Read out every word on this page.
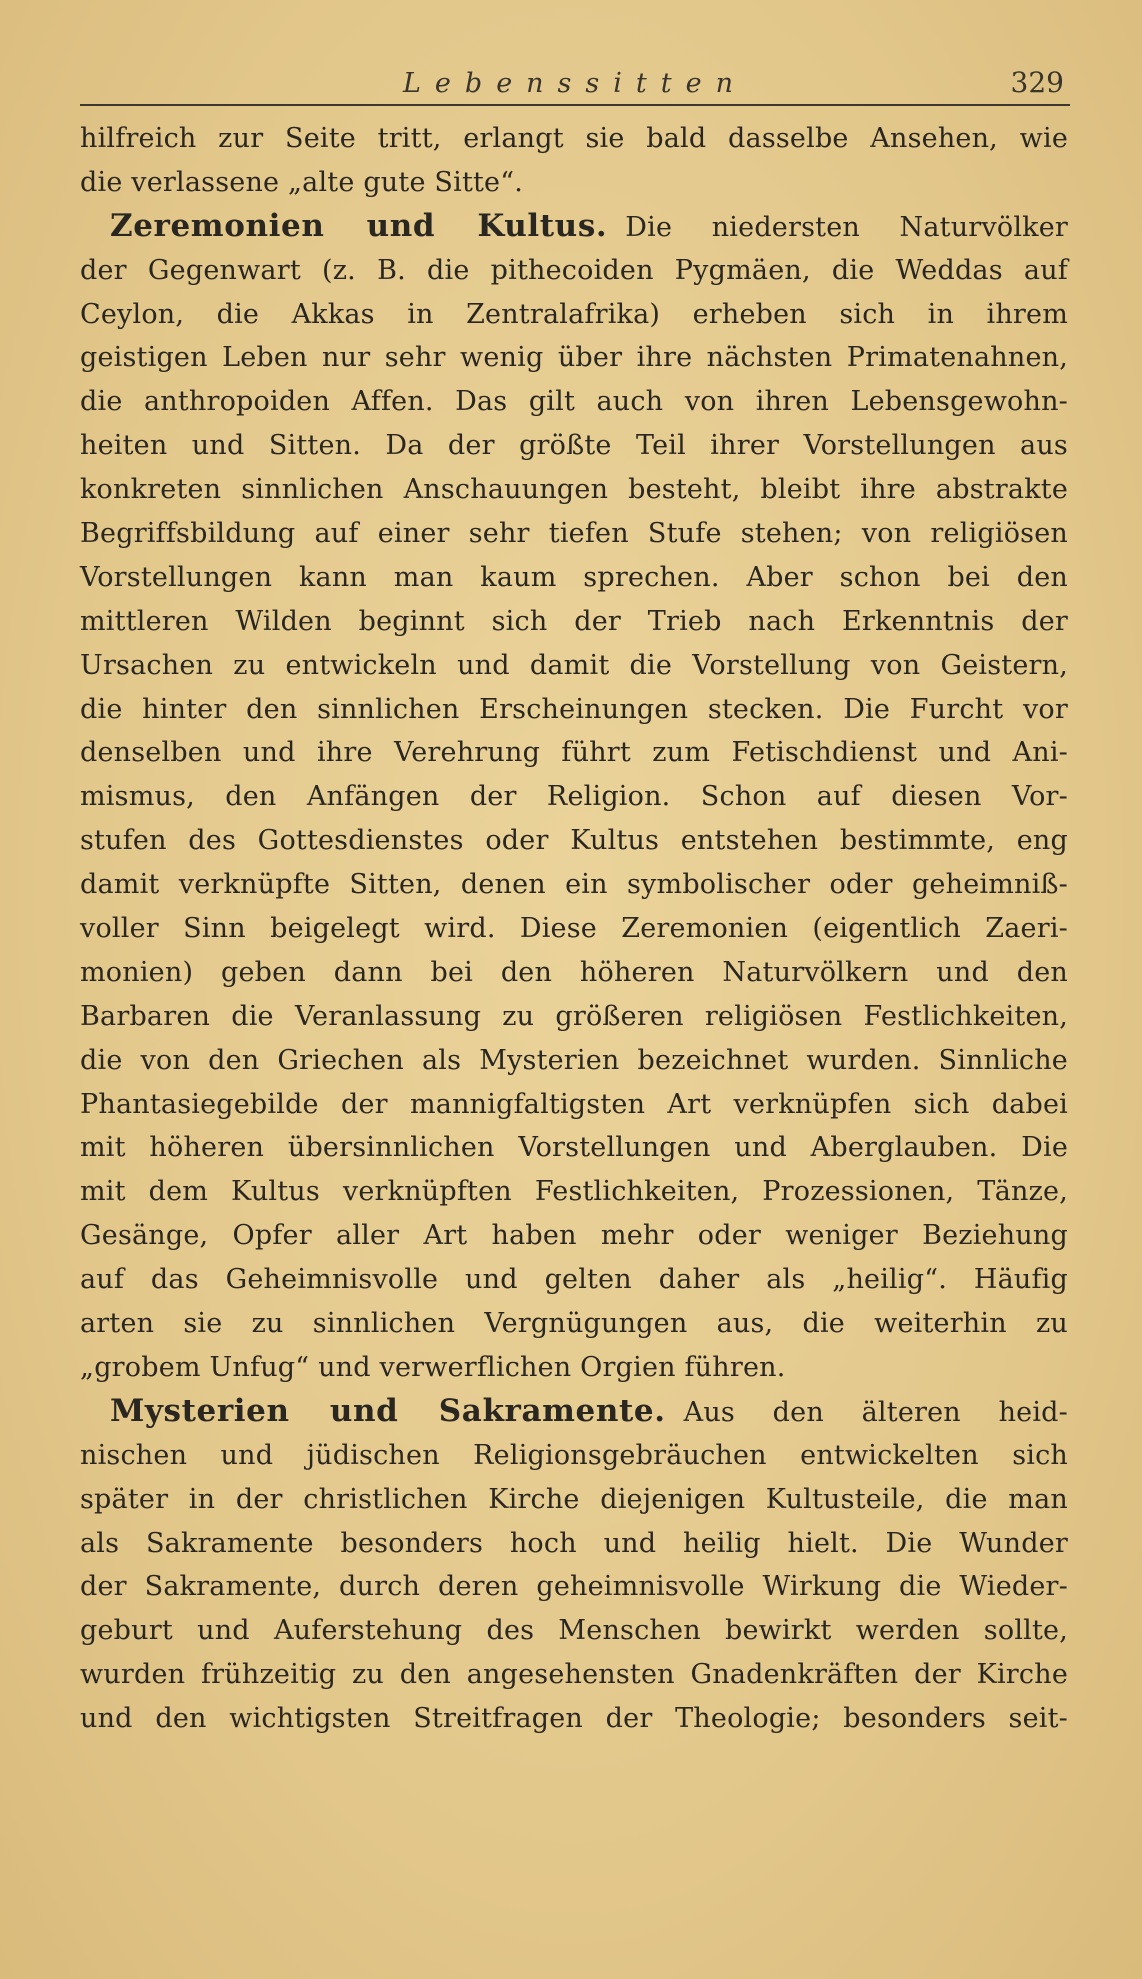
Lebenssitten	329
hilfreich zur Seite tritt, erlangt sie bald dasselbe Ansehen, wie
die verlassene „alte gute Sitte“.
Zeremonien und Kultus. Die niedersten Naturvölker
der Gegenwart (z. B. die pithecoiden Pygmäen, die Weddas auf
Ceylon, die Akkas in Zentralafrika) erheben sich in ihrem
geistigen Leben nur sehr wenig über ihre nächsten Primatenahnen,
die anthropoiden Affen. Das gilt auch von ihren Lebensgewohn-
heiten und Sitten. Da der größte Teil ihrer Vorstellungen aus
konkreten sinnlichen Anschauungen besteht, bleibt ihre abstrakte
Begriffsbildung auf einer sehr tiefen Stufe stehen; von religiösen
Vorstellungen kann man kaum sprechen. Aber schon bei den
mittleren Wilden beginnt sich der Trieb nach Erkenntnis der
Ursachen zu entwickeln und damit die Vorstellung von Geistern,
die hinter den sinnlichen Erscheinungen stecken. Die Furcht vor
denselben und ihre Verehrung führt zum Fetischdienst und Ani-
mismus, den Anfängen der Religion. Schon auf diesen Vor-
stufen des Gottesdienstes oder Kultus entstehen bestimmte, eng
damit verknüpfte Sitten, denen ein symbolischer oder geheimniß-
voller Sinn beigelegt wird. Diese Zeremonien (eigentlich Zaeri-
monien) geben dann bei den höheren Naturvölkern und den
Barbaren die Veranlassung zu größeren religiösen Festlichkeiten,
die von den Griechen als Mysterien bezeichnet wurden. Sinnliche
Phantasiegebilde der mannigfaltigsten Art verknüpfen sich dabei
mit höheren übersinnlichen Vorstellungen und Aberglauben. Die
mit dem Kultus verknüpften Festlichkeiten, Prozessionen, Tänze,
Gesänge, Opfer aller Art haben mehr oder weniger Beziehung
auf das Geheimnisvolle und gelten daher als „heilig“. Häufig
arten sie zu sinnlichen Vergnügungen aus, die weiterhin zu
„grobem Unfug“ und verwerflichen Orgien führen.
Mysterien und Sakramente. Aus den älteren heid-
nischen und jüdischen Religionsgebräuchen entwickelten sich
später in der christlichen Kirche diejenigen Kultusteile, die man
als Sakramente besonders hoch und heilig hielt. Die Wunder
der Sakramente, durch deren geheimnisvolle Wirkung die Wieder-
geburt und Auferstehung des Menschen bewirkt werden sollte,
wurden frühzeitig zu den angesehensten Gnadenkräften der Kirche
und den wichtigsten Streitfragen der Theologie; besonders seit-
